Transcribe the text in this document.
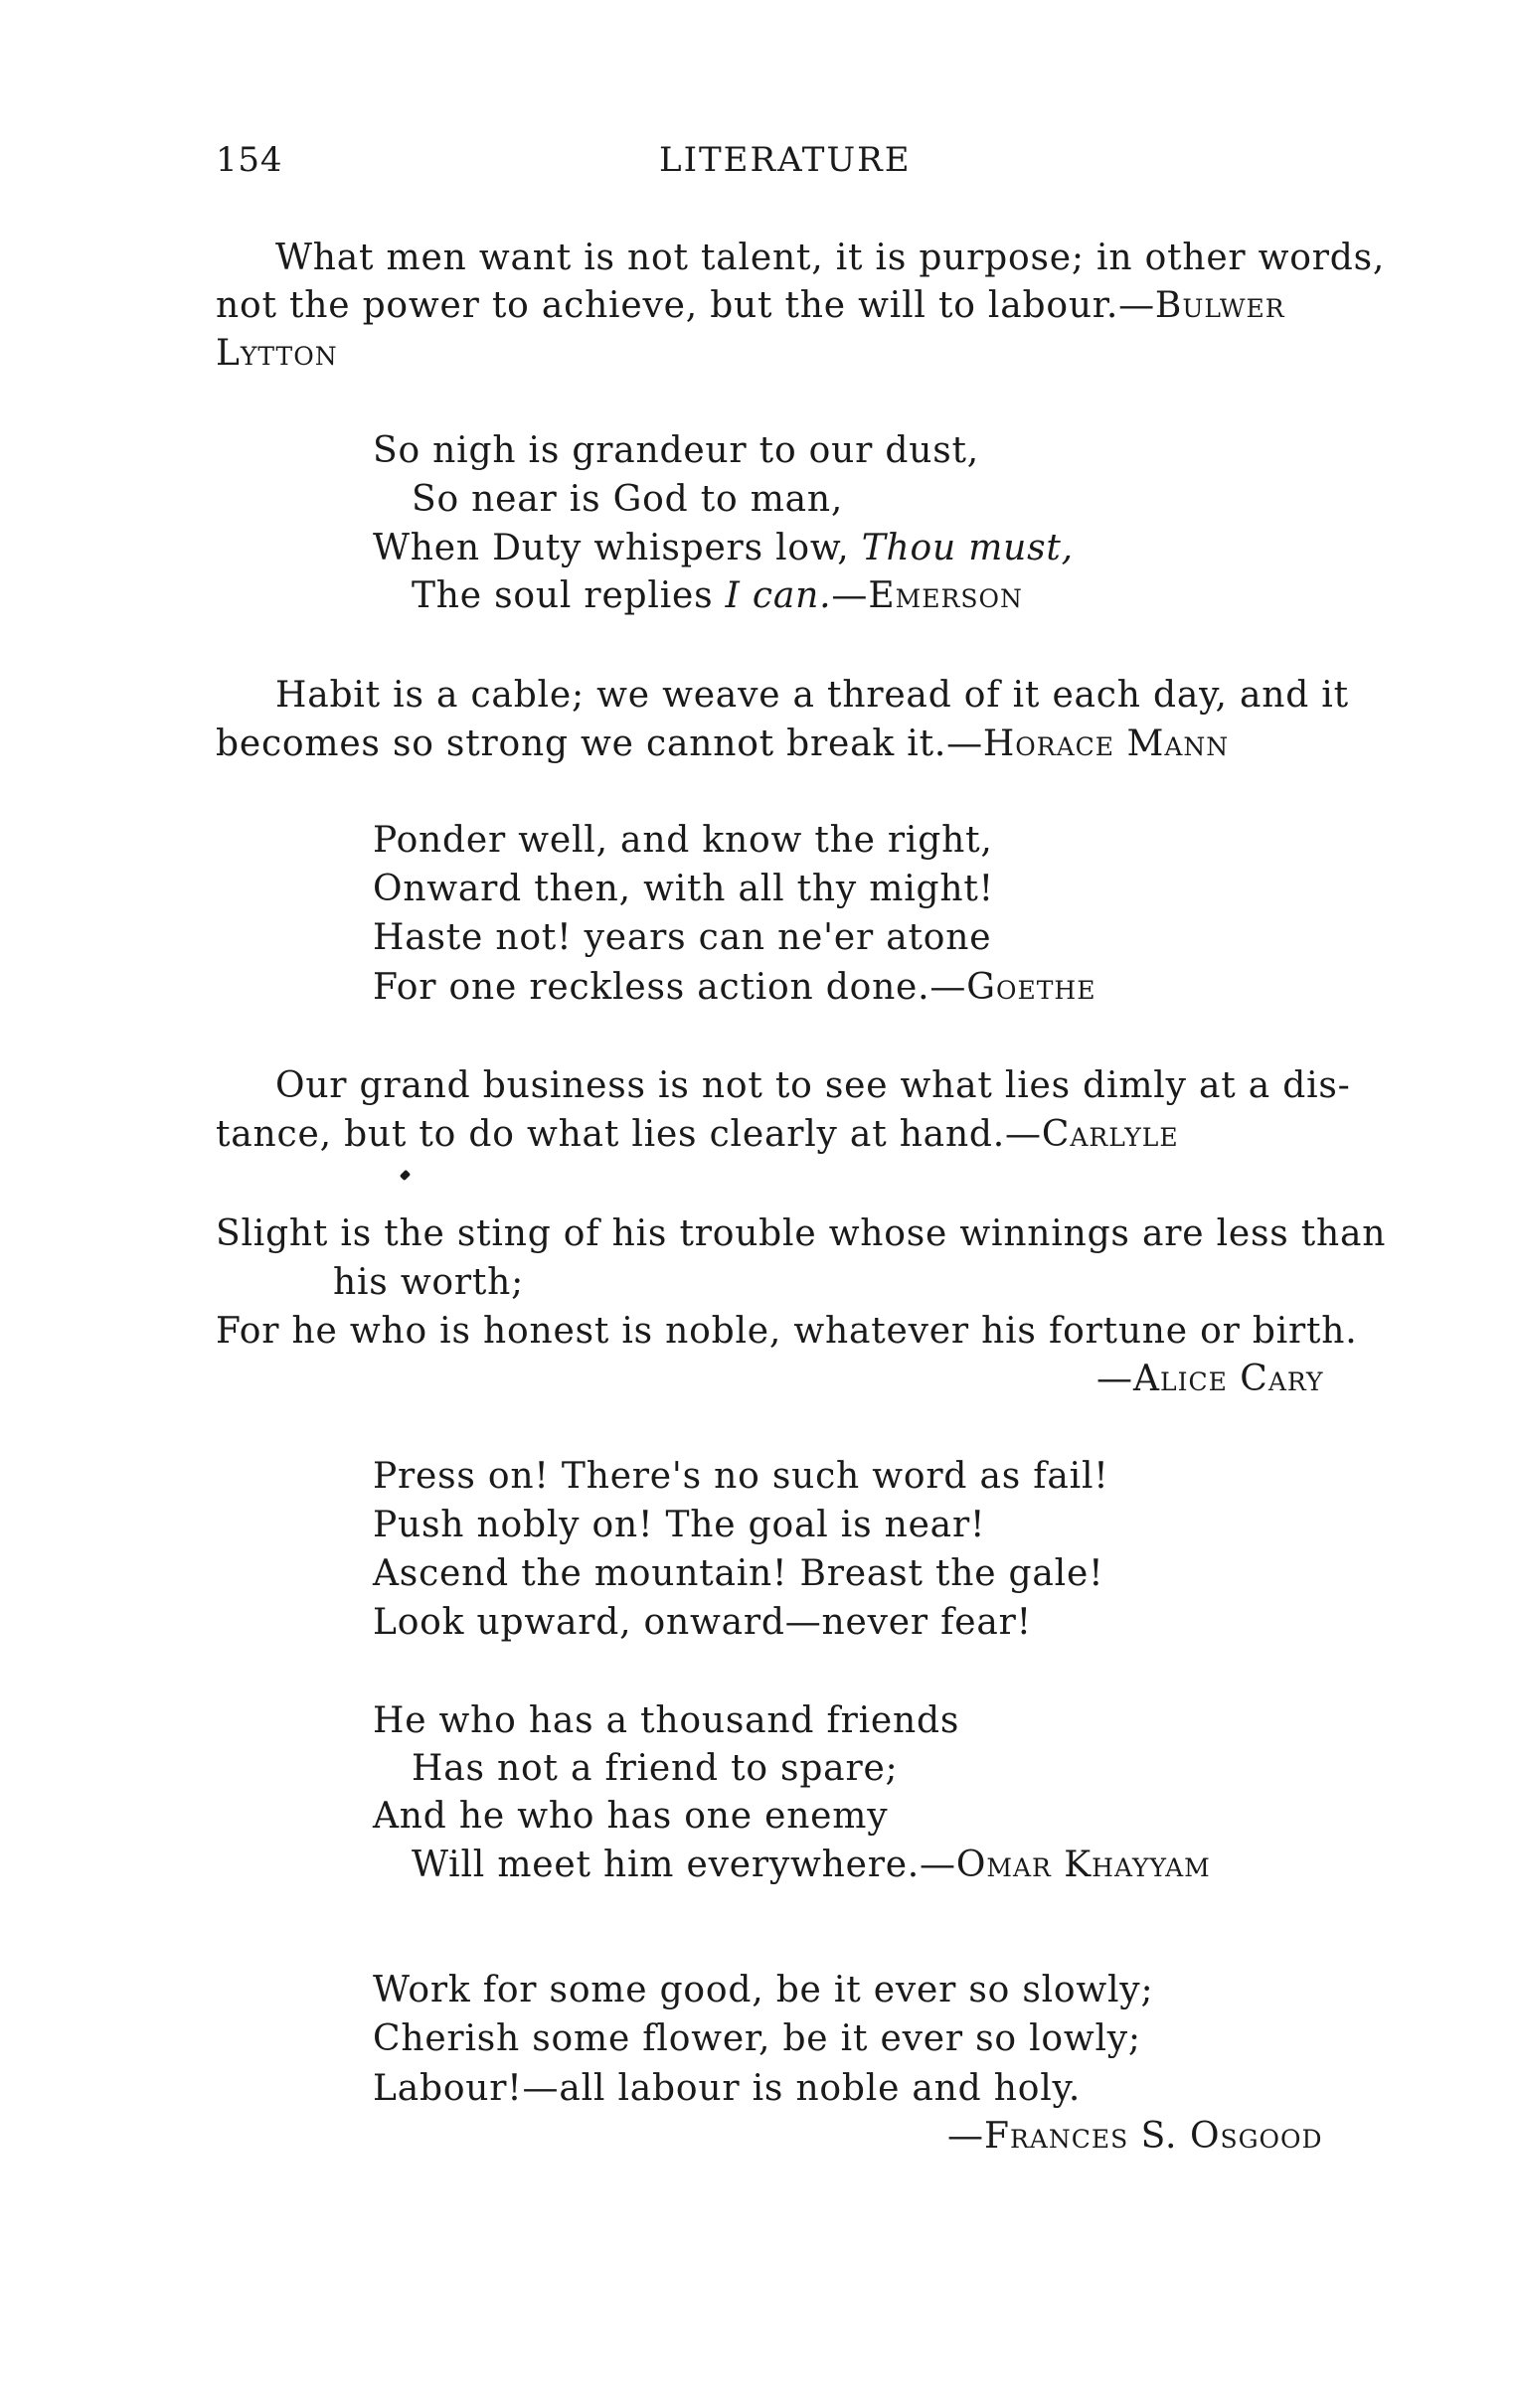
154	LITERATURE
What men want is not talent, it is purpose; in other words,
not the power to achieve, but the will to labour.—Bulwer
Lytton
So nigh is grandeur to our dust,
So near is God to man,
When Duty whispers low, Thou must,
The soul replies I can.—Emerson
Habit is a cable; we weave a thread of it each day, and it
becomes so strong we cannot break it.—Horace Mann
Ponder well, and know the right,
Onward then, with all thy might!
Haste not! years can ne'er atone
For one reckless action done.—Goethe
Our grand business is not to see what lies dimly at a dis-
tance, but to do what lies clearly at hand.—Carlyle
Slight is the sting of his trouble whose winnings are less than
his worth;
For he who is honest is noble, whatever his fortune or birth.
—Alice Cary
Press on! There's no such word as fail!
Push nobly on! The goal is near!
Ascend the mountain! Breast the gale!
Look upward, onward—never fear!
He who has a thousand friends
Has not a friend to spare;
And he who has one enemy
Will meet him everywhere.—Omar Khayyam
Work for some good, be it ever so slowly;
Cherish some flower, be it ever so lowly;
Labour!—all labour is noble and holy.
—Frances S. Osgood
